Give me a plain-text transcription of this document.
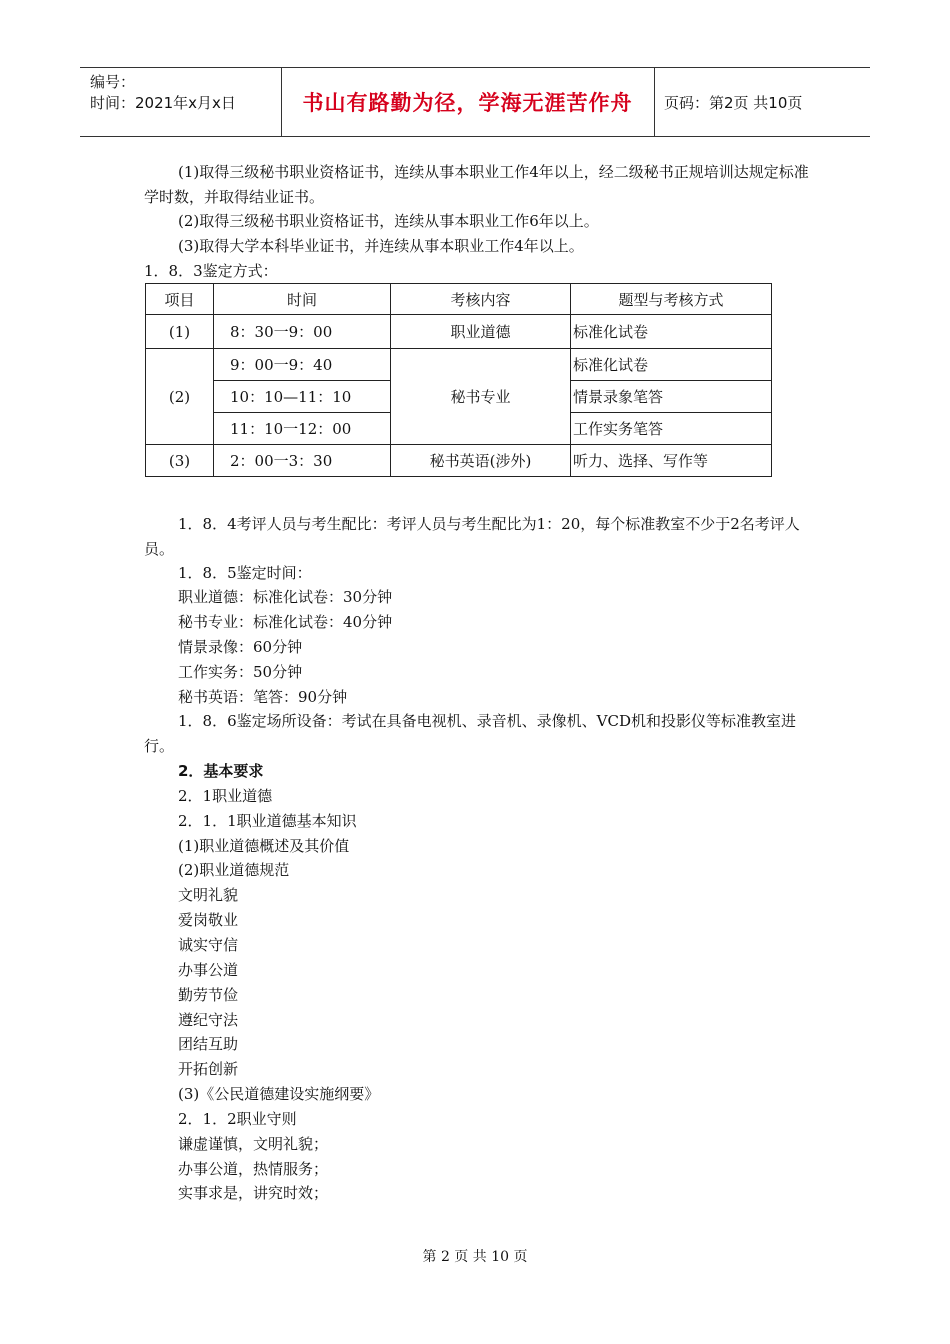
编号：
时间：2021年x月x日	书山有路勤为径，学海无涯苦作舟	页码：第2页 共10页
(1)取得三级秘书职业资格证书，连续从事本职业工作4年以上，经二级秘书正规培训达规定标准学时数，并取得结业证书。
(2)取得三级秘书职业资格证书，连续从事本职业工作6年以上。
(3)取得大学本科毕业证书，并连续从事本职业工作4年以上。
1．8．3鉴定方式：
项目	时间	考核内容	题型与考核方式
(1)	8：30一9：00	职业道德	标准化试卷
(2)	9：00一9：40	秘书专业	标准化试卷
	10：10—11：10		情景录象笔答
	11：10一12：00		工作实务笔答
(3)	2：00一3：30	秘书英语(涉外)	听力、选择、写作等
1．8．4考评人员与考生配比：考评人员与考生配比为1：20，每个标准教室不少于2名考评人员。
1．8．5鉴定时间：
职业道德：标准化试卷：30分钟
秘书专业：标准化试卷：40分钟
情景录像：60分钟
工作实务：50分钟
秘书英语：笔答：90分钟
1．8．6鉴定场所设备：考试在具备电视机、录音机、录像机、VCD机和投影仪等标准教室进行。
2．基本要求
2．1职业道德
2．1．1职业道德基本知识
(1)职业道德概述及其价值
(2)职业道德规范
文明礼貌
爱岗敬业
诚实守信
办事公道
勤劳节俭
遵纪守法
团结互助
开拓创新
(3)《公民道德建设实施纲要》
2．1．2职业守则
谦虚谨慎，文明礼貌；
办事公道，热情服务；
实事求是，讲究时效；
第 2 页 共 10 页
